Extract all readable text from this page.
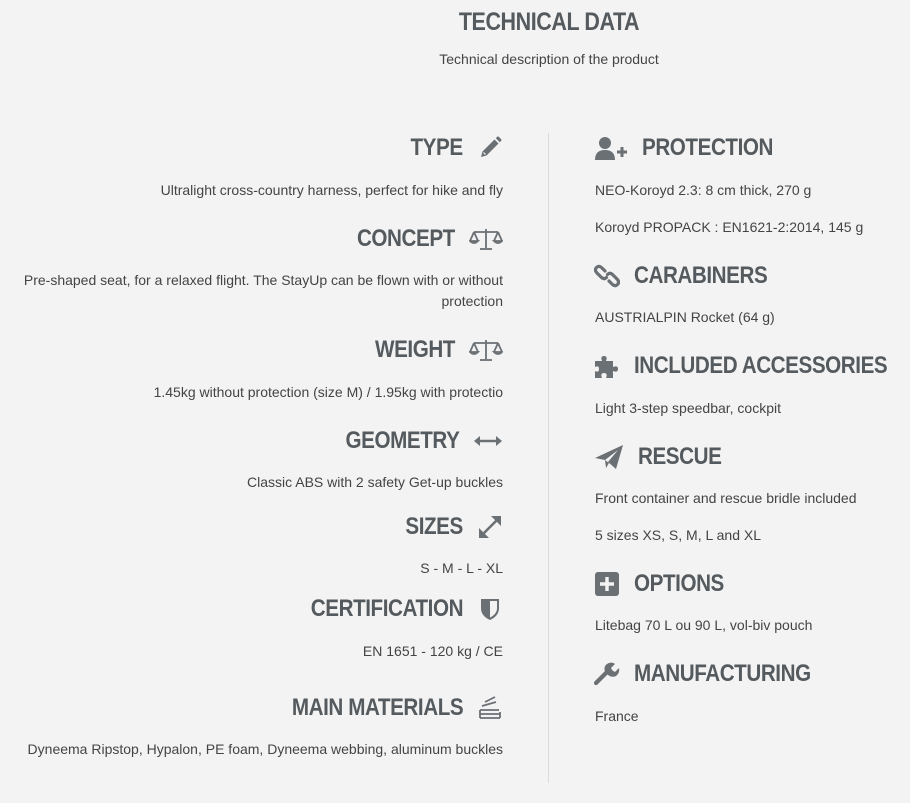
TECHNICAL DATA
Technical description of the product
TYPE
Ultralight cross-country harness, perfect for hike and fly
CONCEPT
Pre-shaped seat, for a relaxed flight. The StayUp can be flown with or without protection
WEIGHT
1.45kg without protection (size M) / 1.95kg with protectio
GEOMETRY
Classic ABS with 2 safety Get-up buckles
SIZES
S - M - L - XL
CERTIFICATION
EN 1651 - 120 kg / CE
MAIN MATERIALS
Dyneema Ripstop, Hypalon, PE foam, Dyneema webbing, aluminum buckles
PROTECTION
NEO-Koroyd 2.3: 8 cm thick, 270 g
Koroyd PROPACK : EN1621-2:2014, 145 g
CARABINERS
AUSTRIALPIN Rocket (64 g)
INCLUDED ACCESSORIES
Light 3-step speedbar, cockpit
RESCUE
Front container and rescue bridle included
5 sizes XS, S, M, L and XL
OPTIONS
Litebag 70 L ou 90 L, vol-biv pouch
MANUFACTURING
France
